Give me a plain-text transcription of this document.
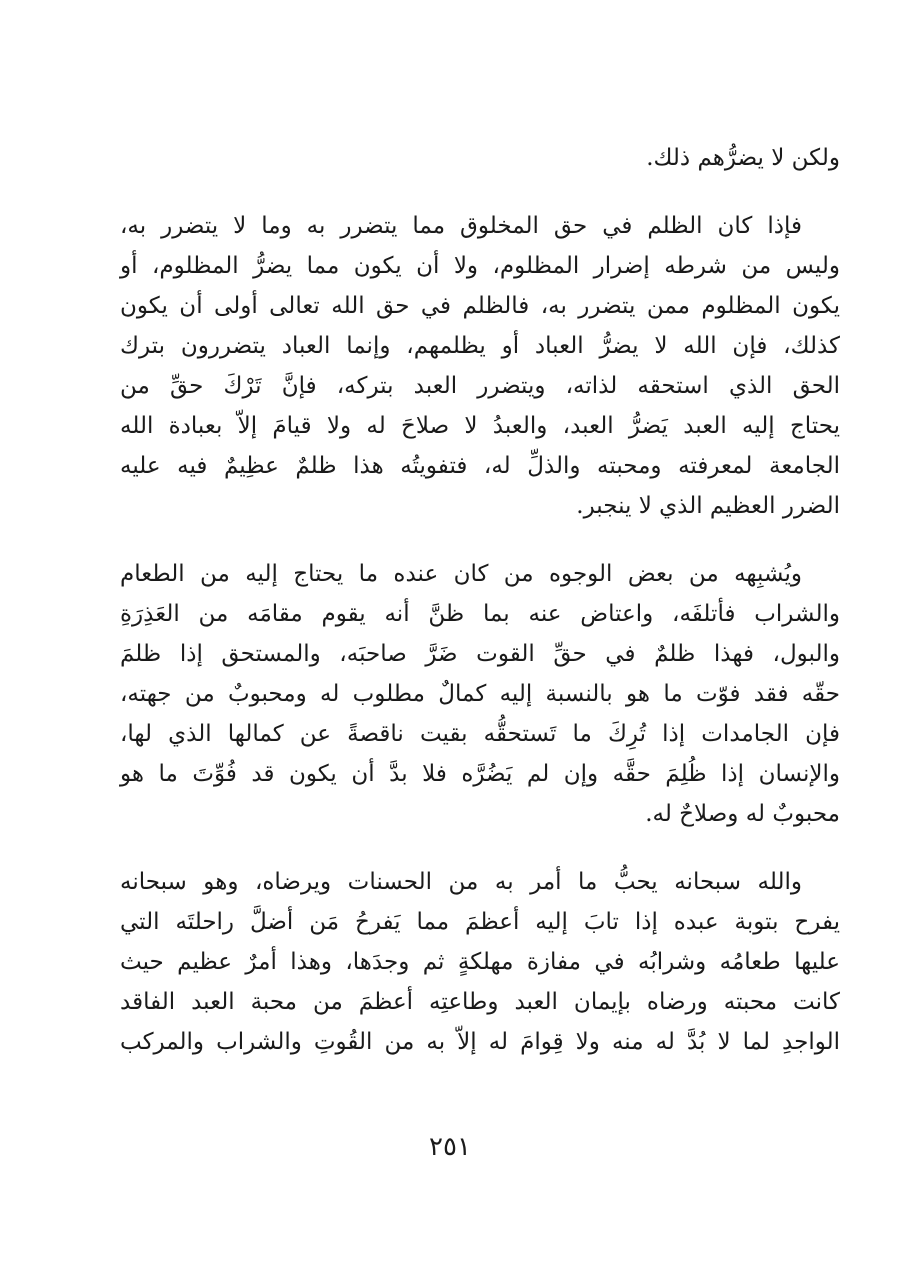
ولكن لا يضرُّهم ذلك.
فإذا كان الظلم في حق المخلوق مما يتضرر به وما لا يتضرر به،
وليس من شرطه إضرار المظلوم، ولا أن يكون مما يضرُّ المظلوم، أو
يكون المظلوم ممن يتضرر به، فالظلم في حق الله تعالى أولى أن يكون
كذلك، فإن الله لا يضرُّ العباد أو يظلمهم، وإنما العباد يتضررون بترك
الحق الذي استحقه لذاته، ويتضرر العبد بتركه، فإنَّ تَرْكَ حقِّ من
يحتاج إليه العبد يَضرُّ العبد، والعبدُ لا صلاحَ له ولا قيامَ إلاّ بعبادة الله
الجامعة لمعرفته ومحبته والذلِّ له، فتفويتُه هذا ظلمٌ عظِيمٌ فيه عليه
الضرر العظيم الذي لا ينجبر.
ويُشبِهه من بعض الوجوه من كان عنده ما يحتاج إليه من الطعام
والشراب فأتلفَه، واعتاض عنه بما ظنَّ أنه يقوم مقامَه من العَذِرَةِ
والبول، فهذا ظلمٌ في حقِّ القوت ضَرَّ صاحبَه، والمستحق إذا ظلمَ
حقّه فقد فوّت ما هو بالنسبة إليه كمالٌ مطلوب له ومحبوبٌ من جهته،
فإن الجامدات إذا تُرِكَ ما تَستحقُّه بقيت ناقصةً عن كمالها الذي لها،
والإنسان إذا ظُلِمَ حقَّه وإن لم يَضُرَّه فلا بدَّ أن يكون قد فُوِّتَ ما هو
محبوبٌ له وصلاحٌ له.
والله سبحانه يحبُّ ما أمر به من الحسنات ويرضاه، وهو سبحانه
يفرح بتوبة عبده إذا تابَ إليه أعظمَ مما يَفرحُ مَن أضلَّ راحلتَه التي
عليها طعامُه وشرابُه في مفازة مهلكةٍ ثم وجدَها، وهذا أمرٌ عظيم حيث
كانت محبته ورضاه بإيمان العبد وطاعتِه أعظمَ من محبة العبد الفاقد
الواجدِ لما لا بُدَّ له منه ولا قِوامَ له إلاّ به من القُوتِ والشراب والمركب
٢٥١
